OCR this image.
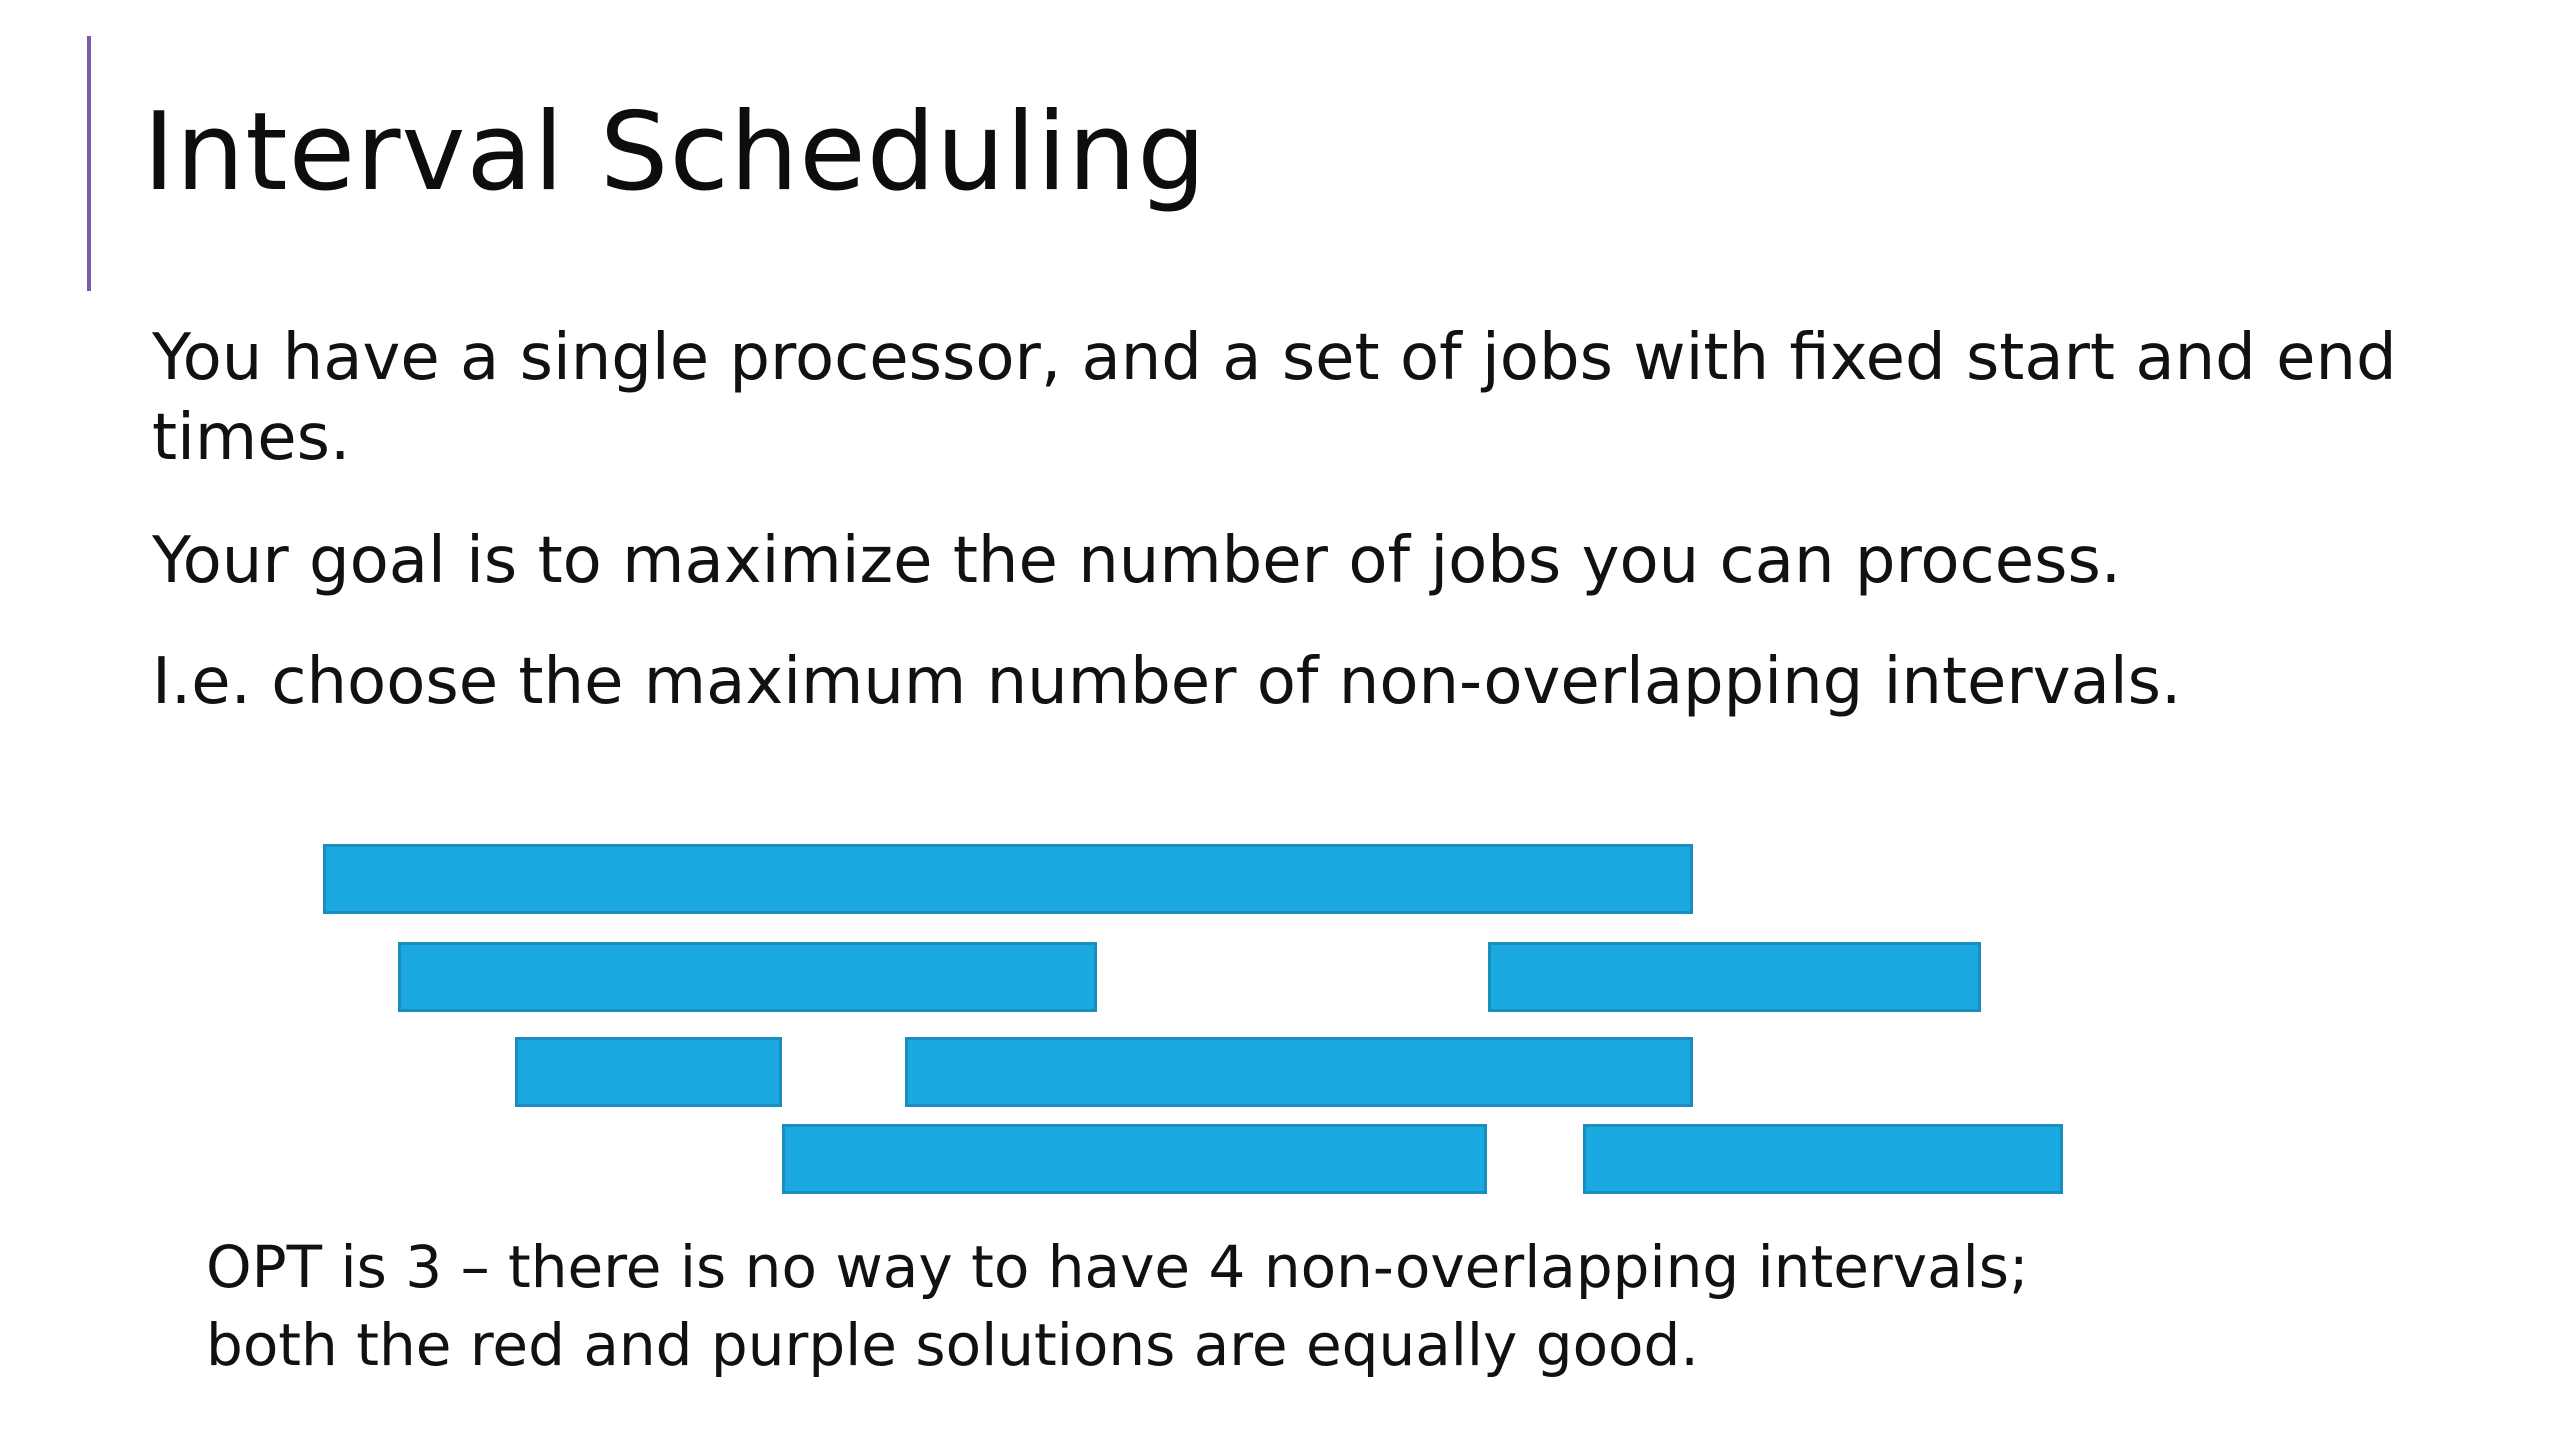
Interval Scheduling
You have a single processor, and a set of jobs with fixed start and end times.
Your goal is to maximize the number of jobs you can process.
I.e. choose the maximum number of non-overlapping intervals.
OPT is 3 – there is no way to have 4 non-overlapping intervals;
both the red and purple solutions are equally good.
